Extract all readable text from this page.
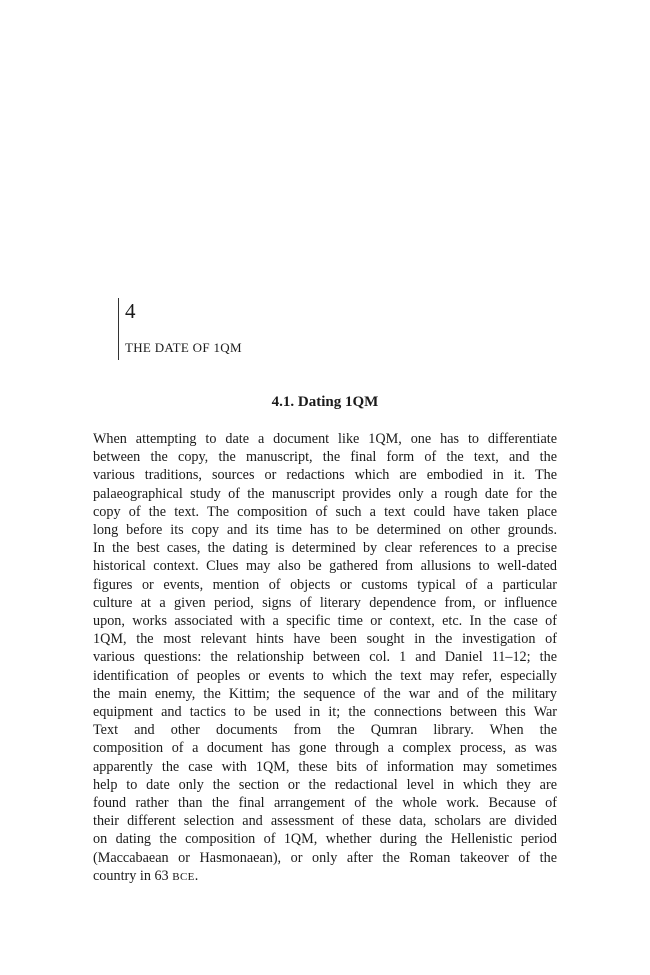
4
THE DATE OF 1QM
4.1. Dating 1QM
When attempting to date a document like 1QM, one has to differentiate
between the copy, the manuscript, the final form of the text, and the
various traditions, sources or redactions which are embodied in it. The
palaeographical study of the manuscript provides only a rough date for the
copy of the text. The composition of such a text could have taken place
long before its copy and its time has to be determined on other grounds.
In the best cases, the dating is determined by clear references to a precise
historical context. Clues may also be gathered from allusions to well-dated
figures or events, mention of objects or customs typical of a particular
culture at a given period, signs of literary dependence from, or influence
upon, works associated with a specific time or context, etc. In the case of
1QM, the most relevant hints have been sought in the investigation of
various questions: the relationship between col. 1 and Daniel 11–12; the
identification of peoples or events to which the text may refer, especially
the main enemy, the Kittim; the sequence of the war and of the military
equipment and tactics to be used in it; the connections between this War
Text and other documents from the Qumran library. When the
composition of a document has gone through a complex process, as was
apparently the case with 1QM, these bits of information may sometimes
help to date only the section or the redactional level in which they are
found rather than the final arrangement of the whole work. Because of
their different selection and assessment of these data, scholars are divided
on dating the composition of 1QM, whether during the Hellenistic period
(Maccabaean or Hasmonaean), or only after the Roman takeover of the
country in 63 BCE.
